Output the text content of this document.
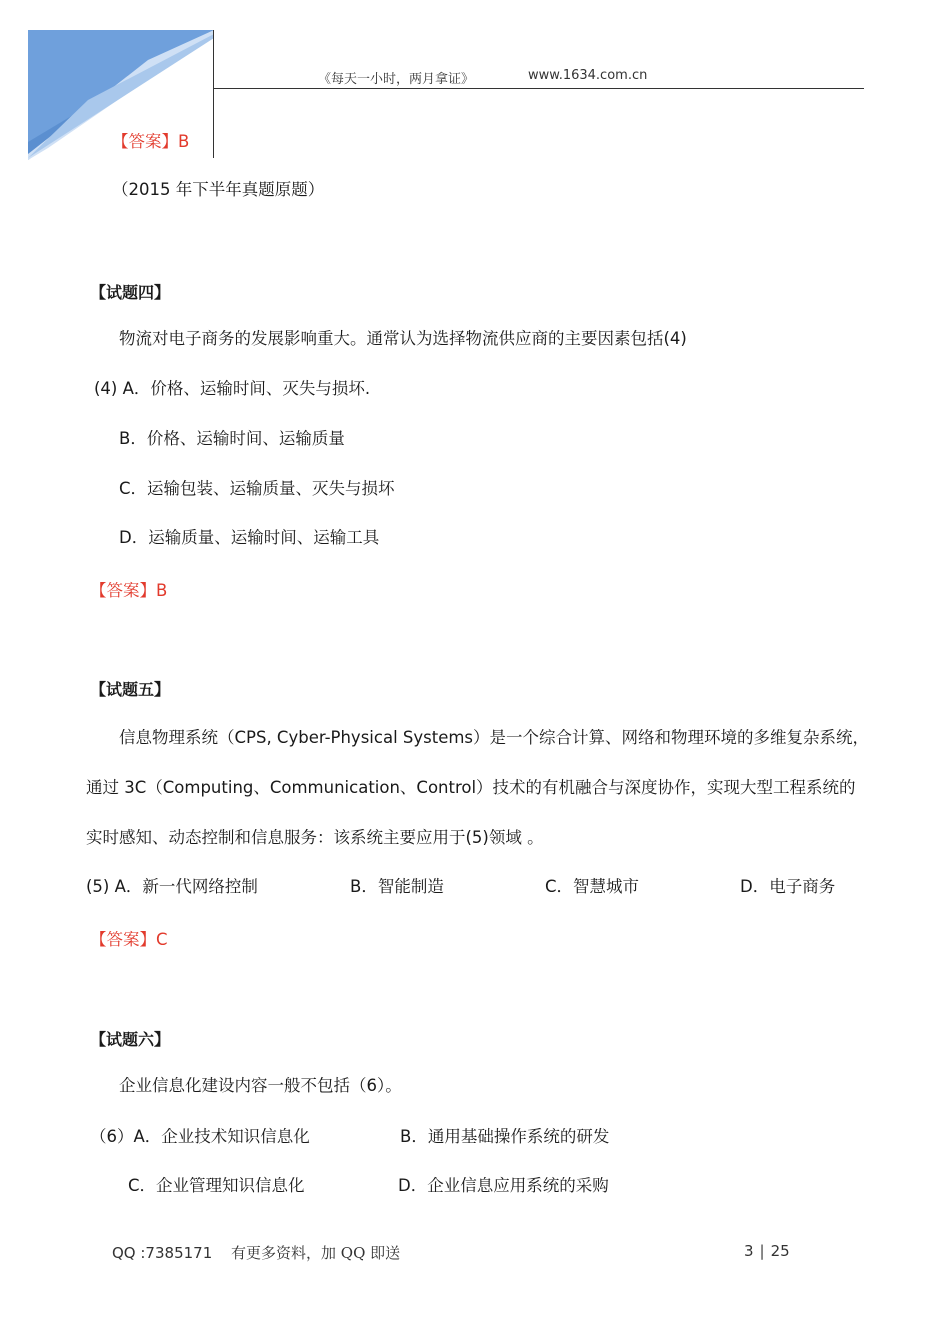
《每天一小时，两月拿证》	www.1634.com.cn
【答案】B
（2015 年下半年真题原题）
【试题四】
物流对电子商务的发展影响重大。通常认为选择物流供应商的主要因素包括(4)
(4) A．价格、运输时间、灭失与损坏.
B．价格、运输时间、运输质量
C．运输包装、运输质量、灭失与损坏
D．运输质量、运输时间、运输工具
【答案】B
【试题五】
信息物理系统（CPS, Cyber-Physical Systems）是一个综合计算、网络和物理环境的多维复杂系统，
通过 3C（Computing、Communication、Control）技术的有机融合与深度协作，实现大型工程系统的
实时感知、动态控制和信息服务：该系统主要应用于(5)领域 。
(5) A．新一代网络控制	B．智能制造	C．智慧城市	D．电子商务
【答案】C
【试题六】
企业信息化建设内容一般不包括（6）。
（6）A．企业技术知识信息化	B．通用基础操作系统的研发
C．企业管理知识信息化	D．企业信息应用系统的采购
QQ :7385171 有更多资料，加 QQ 即送	3 | 25
